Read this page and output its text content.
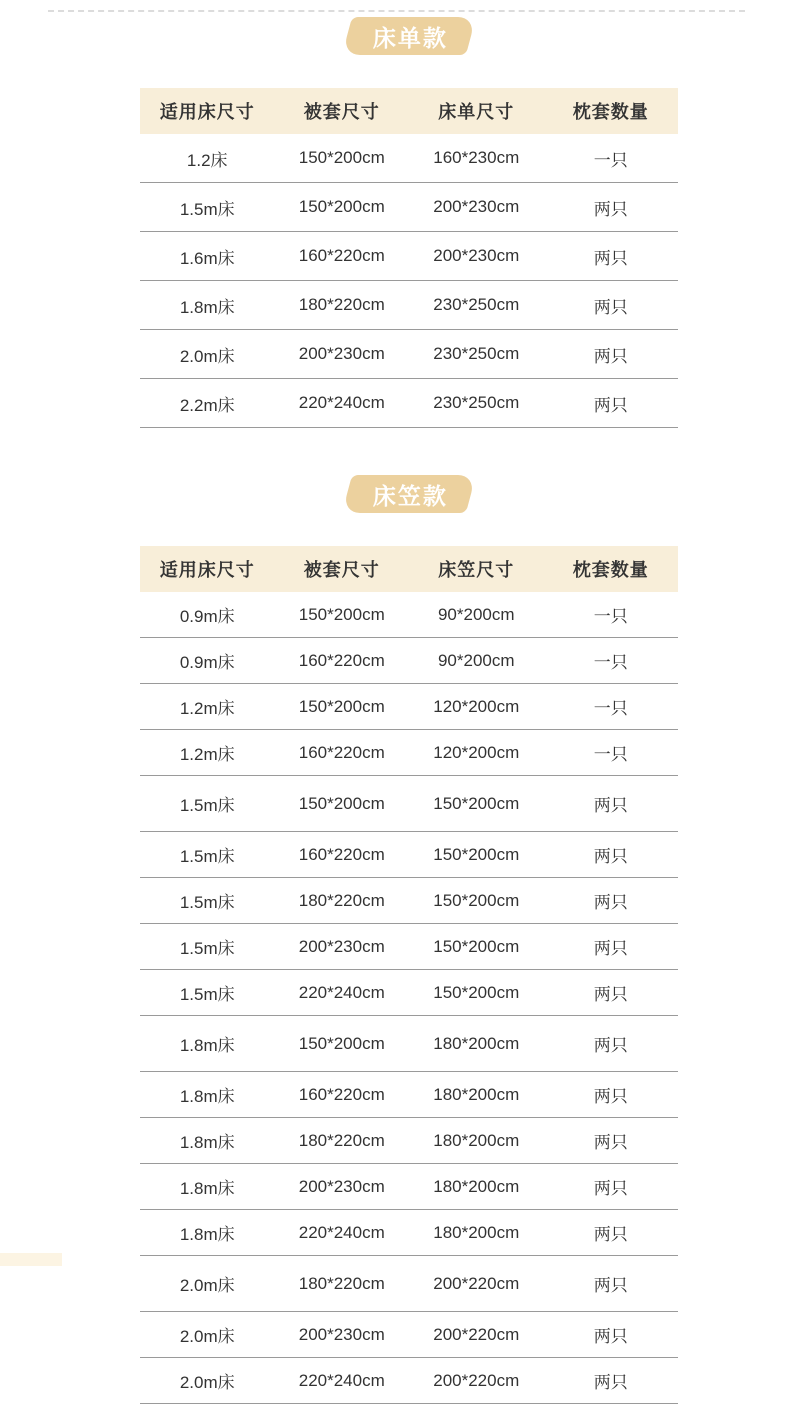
床单款
适用床尺寸	被套尺寸	床单尺寸	枕套数量
1.2床	150*200cm	160*230cm	一只
1.5m床	150*200cm	200*230cm	两只
1.6m床	160*220cm	200*230cm	两只
1.8m床	180*220cm	230*250cm	两只
2.0m床	200*230cm	230*250cm	两只
2.2m床	220*240cm	230*250cm	两只
床笠款
适用床尺寸	被套尺寸	床笠尺寸	枕套数量
0.9m床	150*200cm	90*200cm	一只
0.9m床	160*220cm	90*200cm	一只
1.2m床	150*200cm	120*200cm	一只
1.2m床	160*220cm	120*200cm	一只
1.5m床	150*200cm	150*200cm	两只
1.5m床	160*220cm	150*200cm	两只
1.5m床	180*220cm	150*200cm	两只
1.5m床	200*230cm	150*200cm	两只
1.5m床	220*240cm	150*200cm	两只
1.8m床	150*200cm	180*200cm	两只
1.8m床	160*220cm	180*200cm	两只
1.8m床	180*220cm	180*200cm	两只
1.8m床	200*230cm	180*200cm	两只
1.8m床	220*240cm	180*200cm	两只
2.0m床	180*220cm	200*220cm	两只
2.0m床	200*230cm	200*220cm	两只
2.0m床	220*240cm	200*220cm	两只
